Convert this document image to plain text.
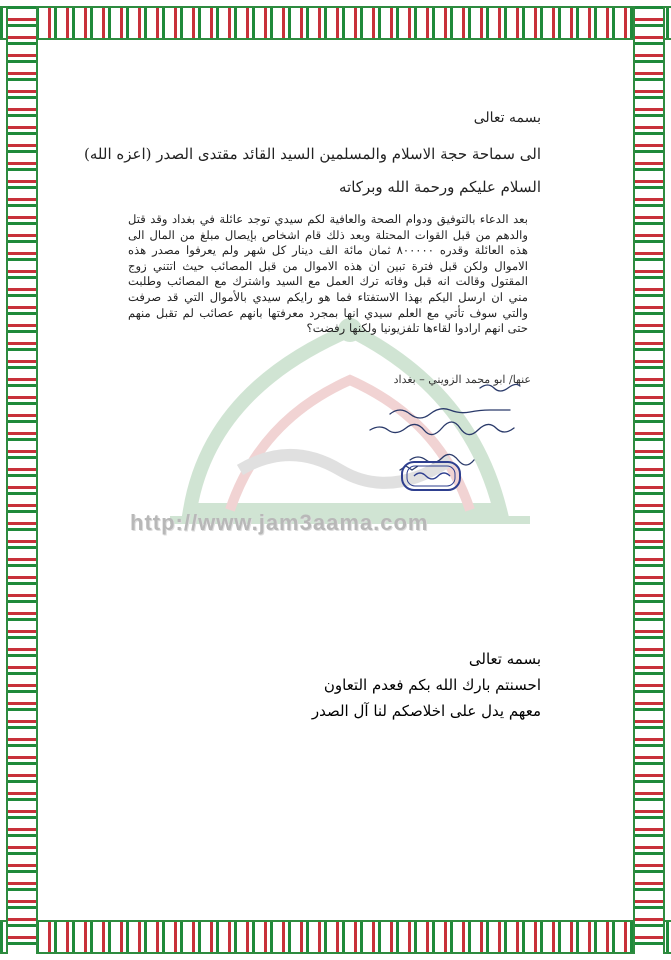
http://www.jam3aama.com
بسمه تعالى
الى سماحة حجة الاسلام والمسلمين السيد القائد مقتدى الصدر (اعزه الله)
السلام عليكم ورحمة الله وبركاته
بعد الدعاء بالتوفيق ودوام الصحة والعافية لكم سيدي توجد عائلة في بغداد وقد قتل والدهم من قبل القوات المحتلة وبعد ذلك قام اشخاص بإيصال مبلغ من المال الى هذه العائلة وقدره ٨٠٠٠٠٠ ثمان مائة الف دينار كل شهر ولم يعرفوا مصدر هذه الاموال ولكن قبل فترة تبين ان هذه الاموال من قبل المصائب حيث اتتني زوج المقتول وقالت انه قبل وفاته ترك العمل مع السيد واشترك مع المصائب وطلبت مني ان ارسل اليكم بهذا الاستفتاء فما هو رايكم سيدي بالأموال التي قد صرفت والتي سوف تأتي مع العلم سيدي انها بمجرد معرفتها بانهم عصائب لم تقبل منهم حتى انهم ارادوا لقاءها تلفزيونيا ولكنها رفضت؟
عنها/ ابو محمد الزويني – بغداد
بسمه تعالى
احسنتم بارك الله بكم فعدم التعاون
معهم يدل على اخلاصكم لنا آل الصدر
